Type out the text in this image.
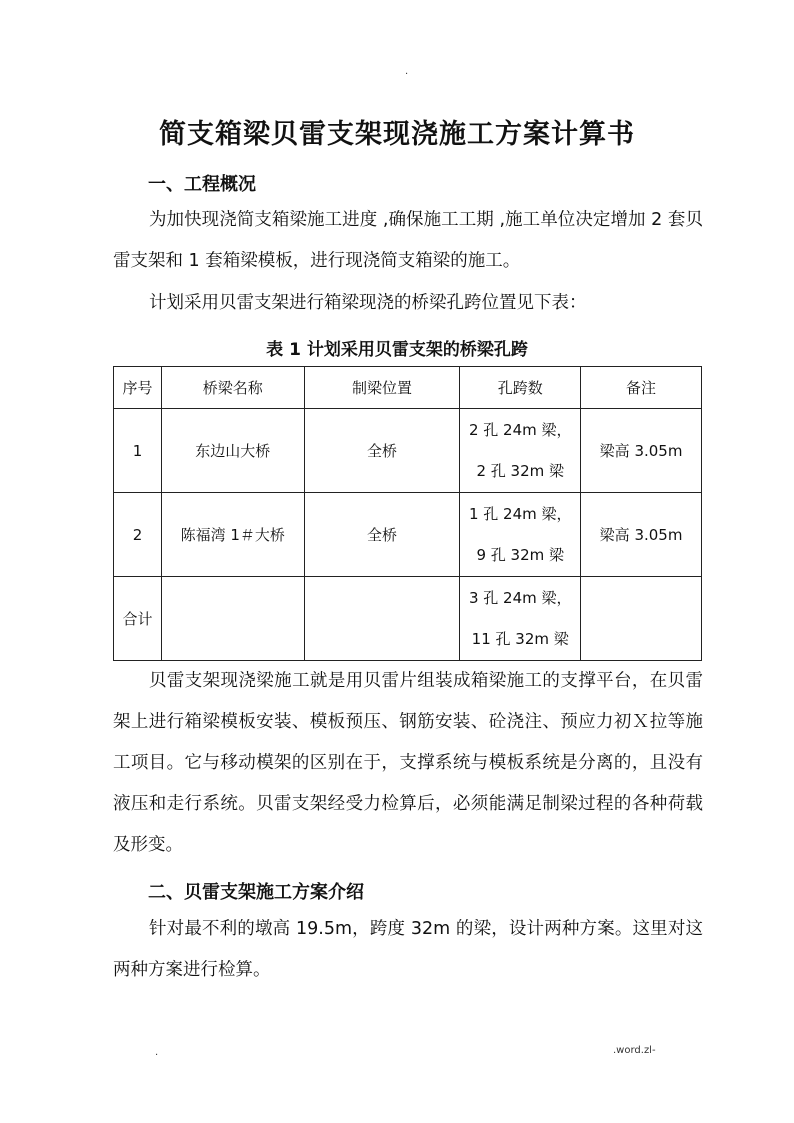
.
简支箱梁贝雷支架现浇施工方案计算书
一、工程概况

为加快现浇简支箱梁施工进度 ,确保施工工期 ,施工单位决定增加 2 套贝雷支架和 1 套箱梁模板，进行现浇简支箱梁的施工。

计划采用贝雷支架进行箱梁现浇的桥梁孔跨位置见下表：

表 1 计划采用贝雷支架的桥梁孔跨
序号	桥梁名称	制梁位置	孔跨数	备注
1	东边山大桥	全桥	2 孔 24m 梁，
2 孔 32m 梁	梁高 3.05m
2	陈福湾 1＃大桥	全桥	1 孔 24m 梁，
9 孔 32m 梁	梁高 3.05m
合计			3 孔 24m 梁，
11 孔 32m 梁	

贝雷支架现浇梁施工就是用贝雷片组装成箱梁施工的支撑平台，在贝雷架上进行箱梁模板安装、模板预压、钢筋安装、砼浇注、预应力初Ｘ拉等施工项目。它与移动模架的区别在于，支撑系统与模板系统是分离的，且没有液压和走行系统。贝雷支架经受力检算后，必须能满足制梁过程的各种荷载及形变。

二、贝雷支架施工方案介绍

针对最不利的墩高 19.5m，跨度 32m 的梁，设计两种方案。这里对这两种方案进行检算。

.	.word.zl-
